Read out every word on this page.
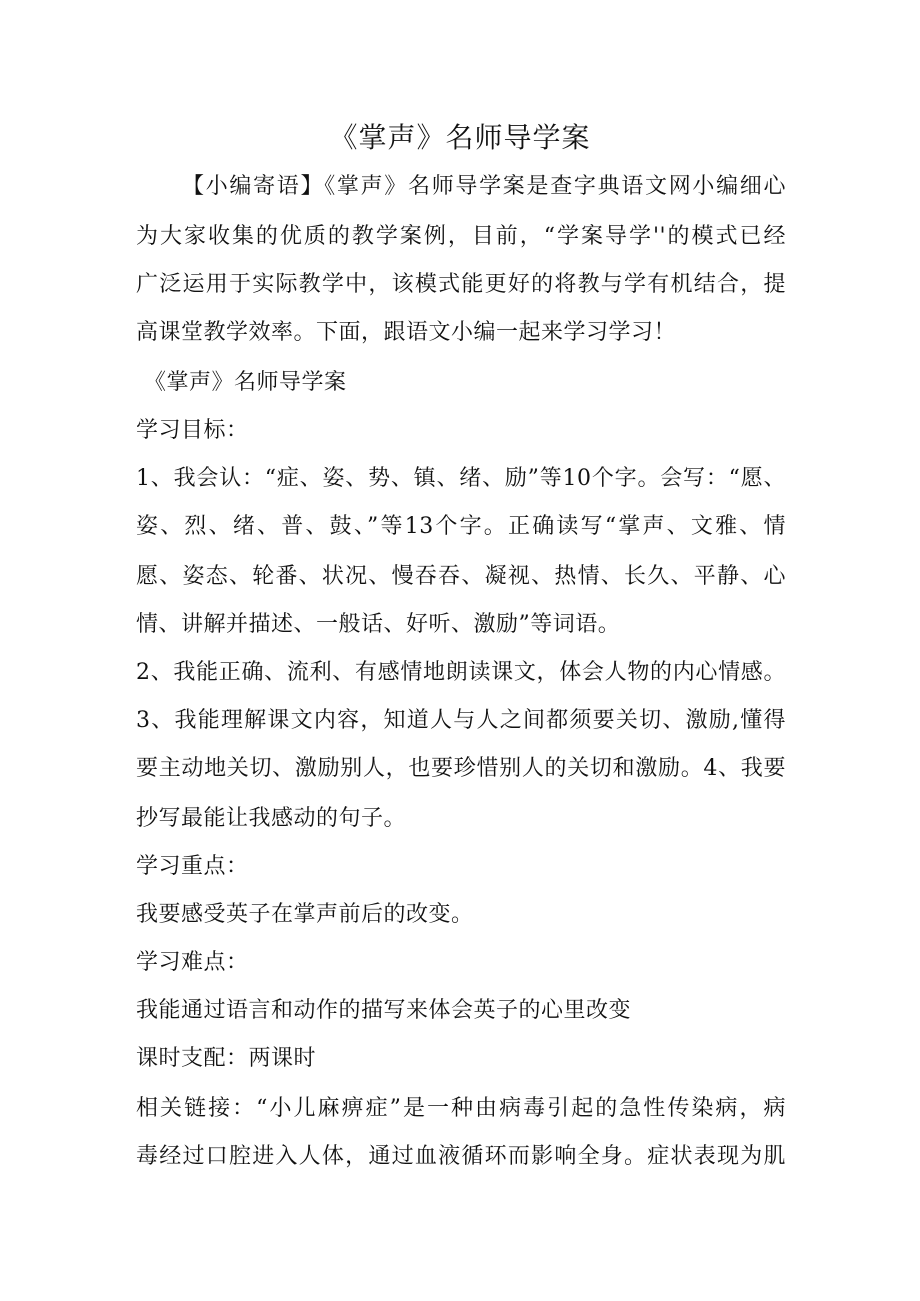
《掌声》名师导学案
【小编寄语】《掌声》名师导学案是查字典语文网小编细心
为大家收集的优质的教学案例，目前，“学案导学''的模式已经
广泛运用于实际教学中，该模式能更好的将教与学有机结合，提
高课堂教学效率。下面，跟语文小编一起来学习学习！
《掌声》名师导学案
学习目标：
1、我会认：“症、姿、势、镇、绪、励”等10个字。会写：“愿、
姿、烈、绪、普、鼓、”等13个字。正确读写“掌声、文雅、情
愿、姿态、轮番、状况、慢吞吞、凝视、热情、长久、平静、心
情、讲解并描述、一般话、好听、激励”等词语。
2、我能正确、流利、有感情地朗读课文，体会人物的内心情感。
3、我能理解课文内容，知道人与人之间都须要关切、激励,懂得
要主动地关切、激励别人，也要珍惜别人的关切和激励。4、我要
抄写最能让我感动的句子。
学习重点：
我要感受英子在掌声前后的改变。
学习难点：
我能通过语言和动作的描写来体会英子的心里改变
课时支配：两课时
相关链接：“小儿麻痹症”是一种由病毒引起的急性传染病，病
毒经过口腔进入人体，通过血液循环而影响全身。症状表现为肌
